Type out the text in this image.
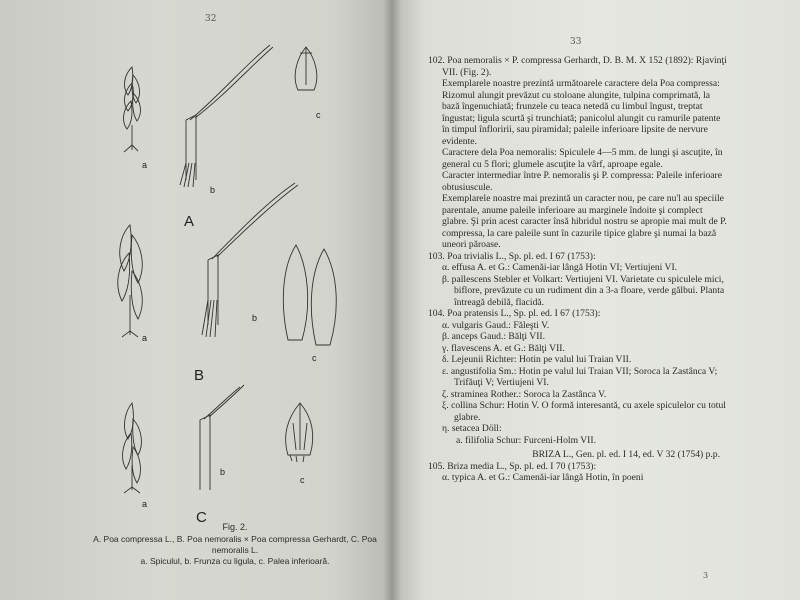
32
a
b
c
A
a
b
c
B
a
b
c
C
Fig. 2.
A. Poa compressa L., B. Poa nemoralis × Poa compressa Gerhardt, C. Poa nemoralis L.
a. Spiculul, b. Frunza cu ligula, c. Palea inferioară.
33

102. Poa nemoralis × P. compressa Gerhardt, D. B. M. X 152 (1892): Rjavinţi VII. (Fig. 2).

Exemplarele noastre prezintă următoarele caractere dela Poa compressa: Rizomul alungit prevăzut cu stoloane alungite, tulpina comprimată, la bază îngenuchiată; frunzele cu teaca netedă cu limbul îngust, treptat îngustat; ligula scurtă şi trunchiată; panicolul alungit cu ramurile patente în timpul înfloririi, sau piramidal; paleile inferioare lipsite de nervure evidente.

Caractere dela Poa nemoralis: Spiculele 4—5 mm. de lungi şi ascuţite, în general cu 5 flori; glumele ascuţite la vârf, aproape egale.

Caracter intermediar între P. nemoralis şi P. compressa: Paleile inferioare obtusiuscule.

Exemplarele noastre mai prezintă un caracter nou, pe care nu'l au speciile parentale, anume paleile inferioare au marginele îndoite şi complect glabre. Şi prin acest caracter însă hibridul nostru se apropie mai mult de P. compressa, la care paleile sunt în cazurile tipice glabre şi numai la bază uneori păroase.

103. Poa trivialis L., Sp. pl. ed. I 67 (1753):

α. effusa A. et G.: Camenăi-iar lângă Hotin VI; Vertiujeni VI.

β. pallescens Stebler et Volkart: Vertiujeni VI. Varietate cu spiculele mici, biflore, prevăzute cu un rudiment din a 3-a floare, verde gălbui. Planta întreagă debilă, flacidă.

104. Poa pratensis L., Sp. pl. ed. I 67 (1753):

α. vulgaris Gaud.: Făleşti V.

β. anceps Gaud.: Bălţi VII.

γ. flavescens A. et G.: Bălţi VII.

δ. Lejeunii Richter: Hotin pe valul lui Traian VII.

ε. angustifolia Sm.: Hotin pe valul lui Traian VII; Soroca la Zastânca V; Trifăuţi V; Vertiujeni VI.

ζ. straminea Rother.: Soroca la Zastânca V.

ξ. collina Schur: Hotin V. O formă interesantă, cu axele spiculelor cu totul glabre.

η. setacea Döll:

a. filifolia Schur: Furceni-Holm VII.

BRIZA L., Gen. pl. ed. I 14, ed. V 32 (1754) p.p.

105. Briza media L., Sp. pl. ed. I 70 (1753):

α. typica A. et G.: Camenăi-iar lângă Hotin, în poeni

3
